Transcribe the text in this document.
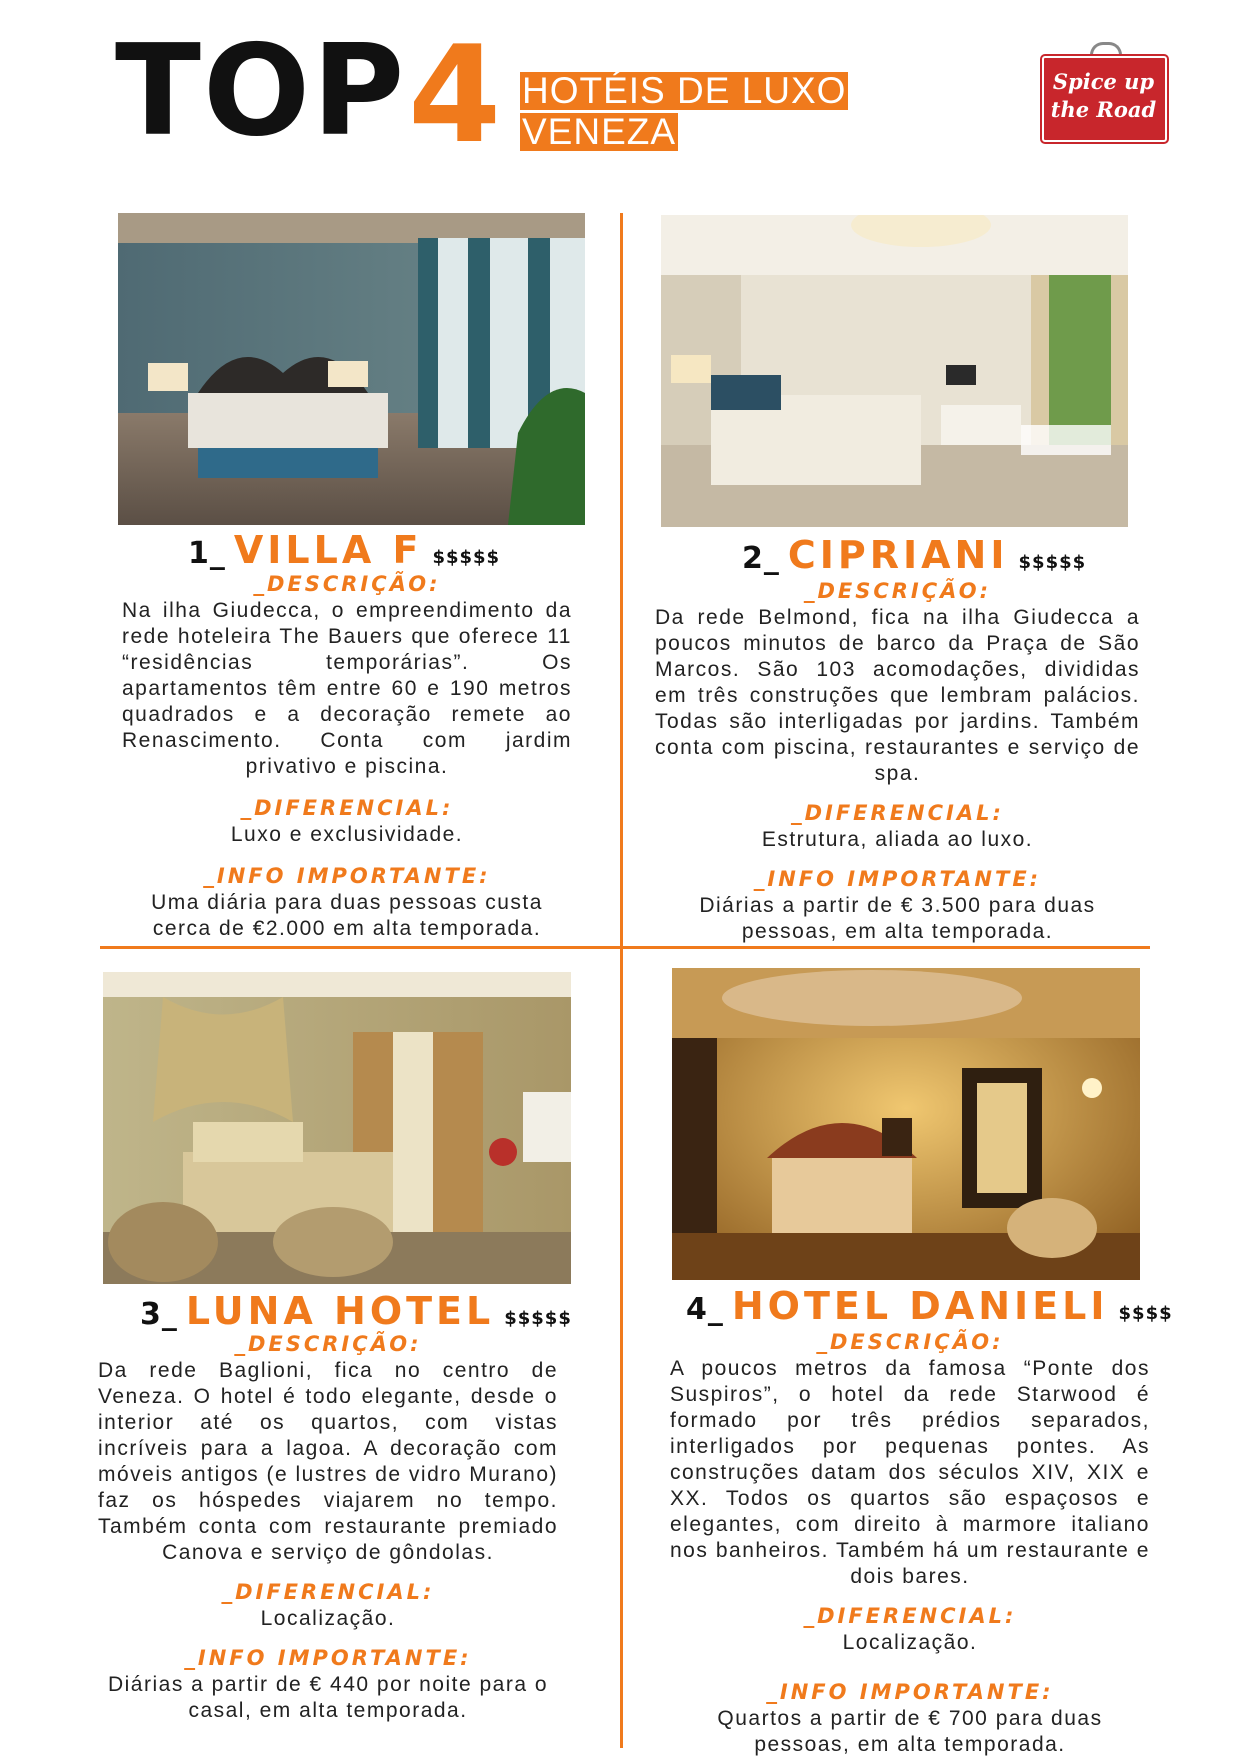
TOP 4 HOTÉIS DE LUXO
VENEZA
Spice up
the Road
1_ VILLA F $$$$$
_DESCRIÇÃO:
Na ilha Giudecca, o empreendimento da rede hoteleira The Bauers que oferece 11 “residências temporárias”. Os apartamentos têm entre 60 e 190 metros quadrados e a decoração remete ao Renascimento. Conta com jardim privativo e piscina.
_DIFERENCIAL:
Luxo e exclusividade.
_INFO IMPORTANTE:
Uma diária para duas pessoas custa cerca de €2.000 em alta temporada.
2_ CIPRIANI $$$$$
_DESCRIÇÃO:
Da rede Belmond, fica na ilha Giudecca a poucos minutos de barco da Praça de São Marcos. São 103 acomodações, divididas em três construções que lembram palácios. Todas são interligadas por jardins. Também conta com piscina, restaurantes e serviço de spa.
_DIFERENCIAL:
Estrutura, aliada ao luxo.
_INFO IMPORTANTE:
Diárias a partir de € 3.500 para duas pessoas, em alta temporada.
3_ LUNA HOTEL $$$$$
_DESCRIÇÃO:
Da rede Baglioni, fica no centro de Veneza. O hotel é todo elegante, desde o interior até os quartos, com vistas incríveis para a lagoa. A decoração com móveis antigos (e lustres de vidro Murano) faz os hóspedes viajarem no tempo. Também conta com restaurante premiado Canova e serviço de gôndolas.
_DIFERENCIAL:
Localização.
_INFO IMPORTANTE:
Diárias a partir de € 440 por noite para o casal, em alta temporada.
4_ HOTEL DANIELI $$$$
_DESCRIÇÃO:
A poucos metros da famosa “Ponte dos Suspiros”, o hotel da rede Starwood é formado por três prédios separados, interligados por pequenas pontes. As construções datam dos séculos XIV, XIX e XX. Todos os quartos são espaçosos e elegantes, com direito à marmore italiano nos banheiros. Também há um restaurante e dois bares.
_DIFERENCIAL:
Localização.
_INFO IMPORTANTE:
Quartos a partir de € 700 para duas pessoas, em alta temporada.
